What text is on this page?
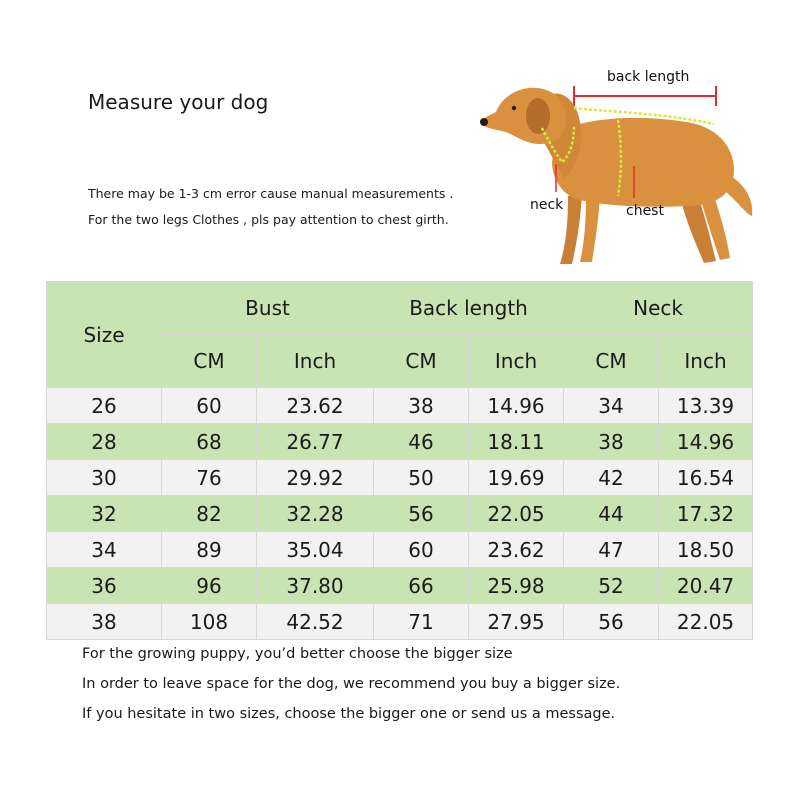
Measure your dog
There may be 1-3 cm error cause manual measurements .
For the two legs Clothes , pls pay attention to chest girth.
back length
neck	chest
Size	Bust		Back length		Neck	
	CM	Inch	CM	Inch	CM	Inch
26	60	23.62	38	14.96	34	13.39
28	68	26.77	46	18.11	38	14.96
30	76	29.92	50	19.69	42	16.54
32	82	32.28	56	22.05	44	17.32
34	89	35.04	60	23.62	47	18.50
36	96	37.80	66	25.98	52	20.47
38	108	42.52	71	27.95	56	22.05
For the growing puppy, you’d better choose the bigger size
In order to leave space for the dog, we recommend you buy a bigger size.
If you hesitate in two sizes, choose the bigger one or send us a message.
